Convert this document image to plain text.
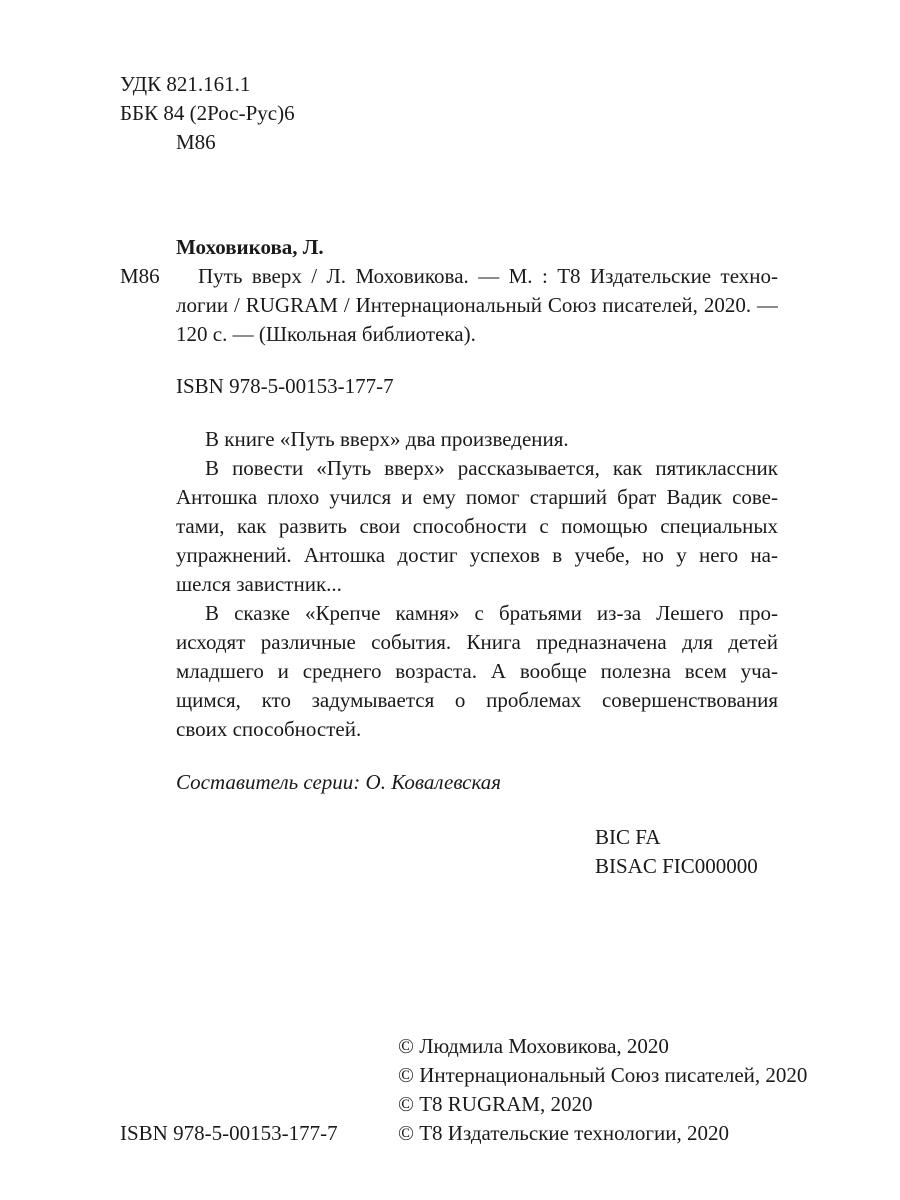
УДК 821.161.1
ББК 84 (2Рос-Рус)6
М86
Моховикова, Л.
М86 Путь вверх / Л. Моховикова. — М. : Т8 Издательские техно-
логии / RUGRAM / Интернациональный Союз писателей, 2020. —
120 с. — (Школьная библиотека).
ISBN 978-5-00153-177-7
В книге «Путь вверх» два произведения.
В повести «Путь вверх» рассказывается, как пятиклассник
Антошка плохо учился и ему помог старший брат Вадик сове-
тами, как развить свои способности с помощью специальных
упражнений. Антошка достиг успехов в учебе, но у него на-
шелся завистник...
В сказке «Крепче камня» с братьями из-за Лешего про-
исходят различные события. Книга предназначена для детей
младшего и среднего возраста. А вообще полезна всем уча-
щимся, кто задумывается о проблемах совершенствования
своих способностей.
Составитель серии: О. Ковалевская
BIC FA
BISAC FIC000000
© Людмила Моховикова, 2020
© Интернациональный Союз писателей, 2020
© Т8 RUGRAM, 2020
© Т8 Издательские технологии, 2020
ISBN 978-5-00153-177-7
